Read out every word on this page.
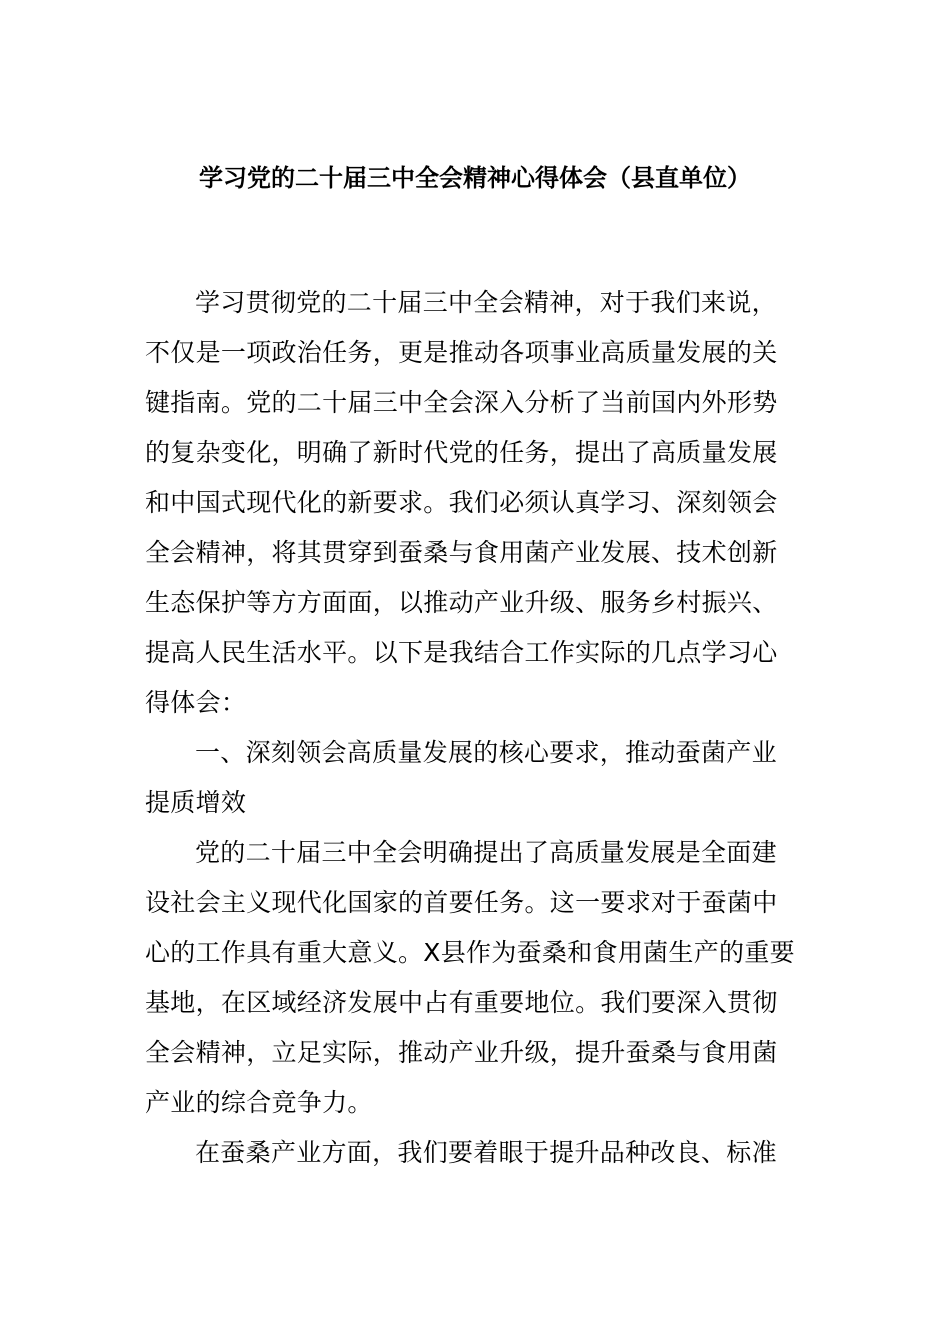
学习党的二十届三中全会精神心得体会（县直单位）
学习贯彻党的二十届三中全会精神，对于我们来说，
不仅是一项政治任务，更是推动各项事业高质量发展的关
键指南。党的二十届三中全会深入分析了当前国内外形势
的复杂变化，明确了新时代党的任务，提出了高质量发展
和中国式现代化的新要求。我们必须认真学习、深刻领会
全会精神，将其贯穿到蚕桑与食用菌产业发展、技术创新
生态保护等方方面面，以推动产业升级、服务乡村振兴、
提高人民生活水平。以下是我结合工作实际的几点学习心
得体会：
一、深刻领会高质量发展的核心要求，推动蚕菌产业
提质增效
党的二十届三中全会明确提出了高质量发展是全面建
设社会主义现代化国家的首要任务。这一要求对于蚕菌中
心的工作具有重大意义。X县作为蚕桑和食用菌生产的重要
基地，在区域经济发展中占有重要地位。我们要深入贯彻
全会精神，立足实际，推动产业升级，提升蚕桑与食用菌
产业的综合竞争力。
在蚕桑产业方面，我们要着眼于提升品种改良、标准
